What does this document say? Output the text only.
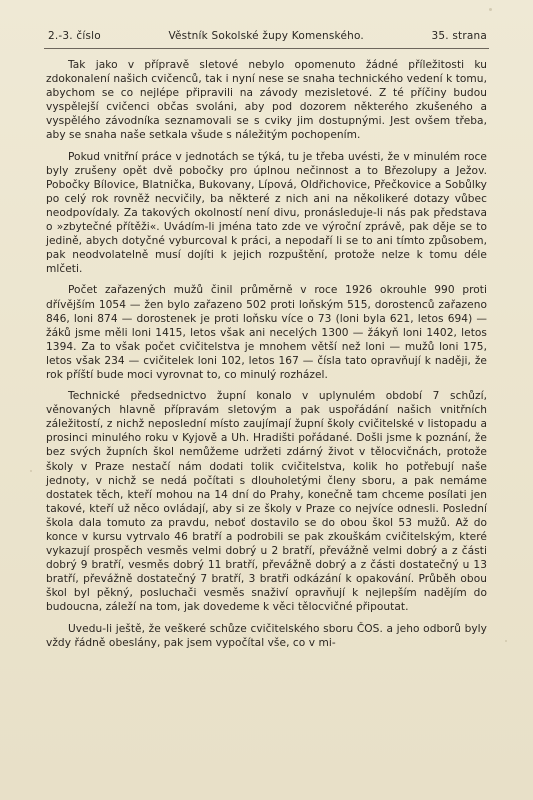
2.-3. číslo	Věstník Sokolské župy Komenského.	35. strana

Tak jako v přípravě sletové nebylo opomenuto žádné příležitosti ku zdokonalení našich cvičenců, tak i nyní nese se snaha technického vedení k tomu, abychom se co nejlépe připravili na závody mezisletové. Z té příčiny budou vyspělejší cvičenci občas svoláni, aby pod dozorem některého zkušeného a vyspělého závodníka seznamovali se s cviky jim dostupnými. Jest ovšem třeba, aby se snaha naše setkala všude s náležitým pochopením.

Pokud vnitřní práce v jednotách se týká, tu je třeba uvésti, že v minulém roce byly zrušeny opět dvě pobočky pro úplnou nečinnost a to Březolupy a Ježov. Pobočky Bílovice, Blatnička, Bukovany, Lípová, Oldřichovice, Přečkovice a Sobůlky po celý rok rovněž necvičily, ba některé z nich ani na několikeré dotazy vůbec neodpovídaly. Za takových okolností není divu, pronásleduje-li nás pak představa o »zbytečné přítěži«. Uvádím-li jména tato zde ve výroční zprávě, pak děje se to jedině, abych dotyčné vyburcoval k práci, a nepodaří li se to ani tímto způsobem, pak neodvolatelně musí dojíti k jejich rozpuštění, protože nelze k tomu déle mlčeti.

Počet zařazených mužů činil průměrně v roce 1926 okrouhle 990 proti dřívějším 1054 — žen bylo zařazeno 502 proti loňským 515, dorostenců zařazeno 846, loni 874 — dorostenek je proti loňsku více o 73 (loni byla 621, letos 694) — žáků jsme měli loni 1415, letos však ani necelých 1300 — žákyň loni 1402, letos 1394. Za to však počet cvičitelstva je mnohem větší než loni — mužů loni 175, letos však 234 — cvičitelek loni 102, letos 167 — čísla tato opravňují k naději, že rok příští bude moci vyrovnat to, co minulý rozházel.

Technické předsednictvo župní konalo v uplynulém období 7 schůzí, věnovaných hlavně přípravám sletovým a pak uspořádání našich vnitřních záležitostí, z nichž neposlední místo zaujímají župní školy cvičitelské v listopadu a prosinci minulého roku v Kyjově a Uh. Hradišti pořádané. Došli jsme k poznání, že bez svých župních škol nemůžeme udržeti zdárný život v tělocvičnách, protože školy v Praze nestačí nám dodati tolik cvičitelstva, kolik ho potřebují naše jednoty, v nichž se nedá počítati s dlouholetými členy sboru, a pak nemáme dostatek těch, kteří mohou na 14 dní do Prahy, konečně tam chceme posílati jen takové, kteří už něco ovládají, aby si ze školy v Praze co nejvíce odnesli. Poslední škola dala tomuto za pravdu, neboť dostavilo se do obou škol 53 mužů. Až do konce v kursu vytrvalo 46 bratří a podrobili se pak zkouškám cvičitelským, které vykazují prospěch vesměs velmi dobrý u 2 bratří, převážně velmi dobrý a z části dobrý 9 bratří, vesměs dobrý 11 bratří, převážně dobrý a z části dostatečný u 13 bratří, převážně dostatečný 7 bratří, 3 bratři odkázání k opakování. Průběh obou škol byl pěkný, posluchači vesměs snaživí opravňují k nejlepším nadějím do budoucna, záleží na tom, jak dovedeme k věci tělocvičné připoutat.

Uvedu-li ještě, že veškeré schůze cvičitelského sboru ČOS. a jeho odborů byly vždy řádně obeslány, pak jsem vypočítal vše, co v mi-
